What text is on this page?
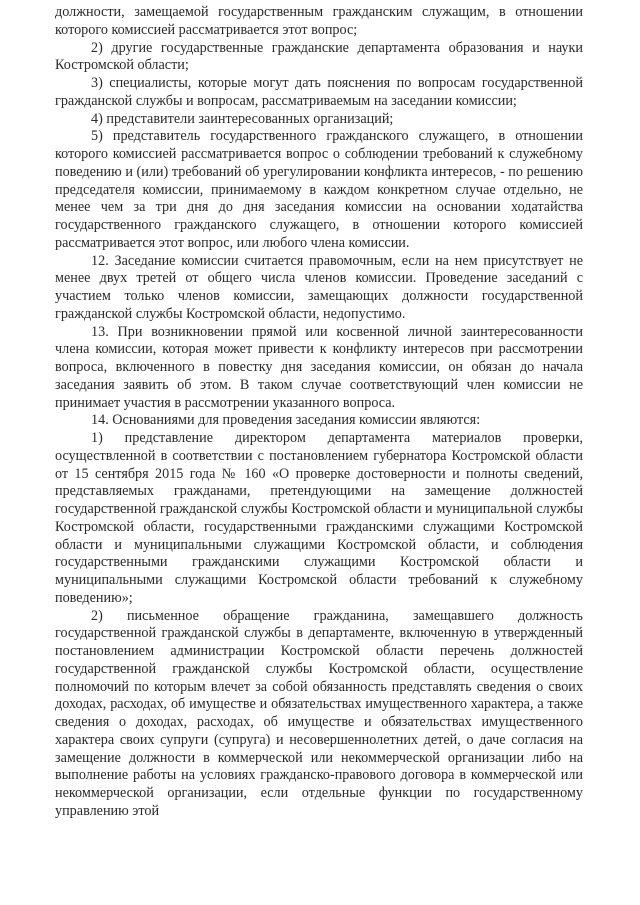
должности, замещаемой государственным гражданским служащим, в отношении которого комиссией рассматривается этот вопрос;

2) другие государственные гражданские департамента образования и науки Костромской области;

3) специалисты, которые могут дать пояснения по вопросам государственной гражданской службы и вопросам, рассматриваемым на заседании комиссии;

4) представители заинтересованных организаций;

5) представитель государственного гражданского служащего, в отношении которого комиссией рассматривается вопрос о соблюдении требований к служебному поведению и (или) требований об урегулировании конфликта интересов, - по решению председателя комиссии, принимаемому в каждом конкретном случае отдельно, не менее чем за три дня до дня заседания комиссии на основании ходатайства государственного гражданского служащего, в отношении которого комиссией рассматривается этот вопрос, или любого члена комиссии.

12. Заседание комиссии считается правомочным, если на нем присутствует не менее двух третей от общего числа членов комиссии. Проведение заседаний с участием только членов комиссии, замещающих должности государственной гражданской службы Костромской области, недопустимо.

13. При возникновении прямой или косвенной личной заинтересованности члена комиссии, которая может привести к конфликту интересов при рассмотрении вопроса, включенного в повестку дня заседания комиссии, он обязан до начала заседания заявить об этом. В таком случае соответствующий член комиссии не принимает участия в рассмотрении указанного вопроса.

14. Основаниями для проведения заседания комиссии являются:

1) представление директором департамента материалов проверки, осуществленной в соответствии с постановлением губернатора Костромской области от 15 сентября 2015 года № 160 «О проверке достоверности и полноты сведений, представляемых гражданами, претендующими на замещение должностей государственной гражданской службы Костромской области и муниципальной службы Костромской области, государственными гражданскими служащими Костромской области и муниципальными служащими Костромской области, и соблюдения государственными гражданскими служащими Костромской области и муниципальными служащими Костромской области требований к служебному поведению»;

2) письменное обращение гражданина, замещавшего должность государственной гражданской службы в департаменте, включенную в утвержденный постановлением администрации Костромской области перечень должностей государственной гражданской службы Костромской области, осуществление полномочий по которым влечет за собой обязанность представлять сведения о своих доходах, расходах, об имуществе и обязательствах имущественного характера, а также сведения о доходах, расходах, об имуществе и обязательствах имущественного характера своих супруги (супруга) и несовершеннолетних детей, о даче согласия на замещение должности в коммерческой или некоммерческой организации либо на выполнение работы на условиях гражданско-правового договора в коммерческой или некоммерческой организации, если отдельные функции по государственному управлению этой
